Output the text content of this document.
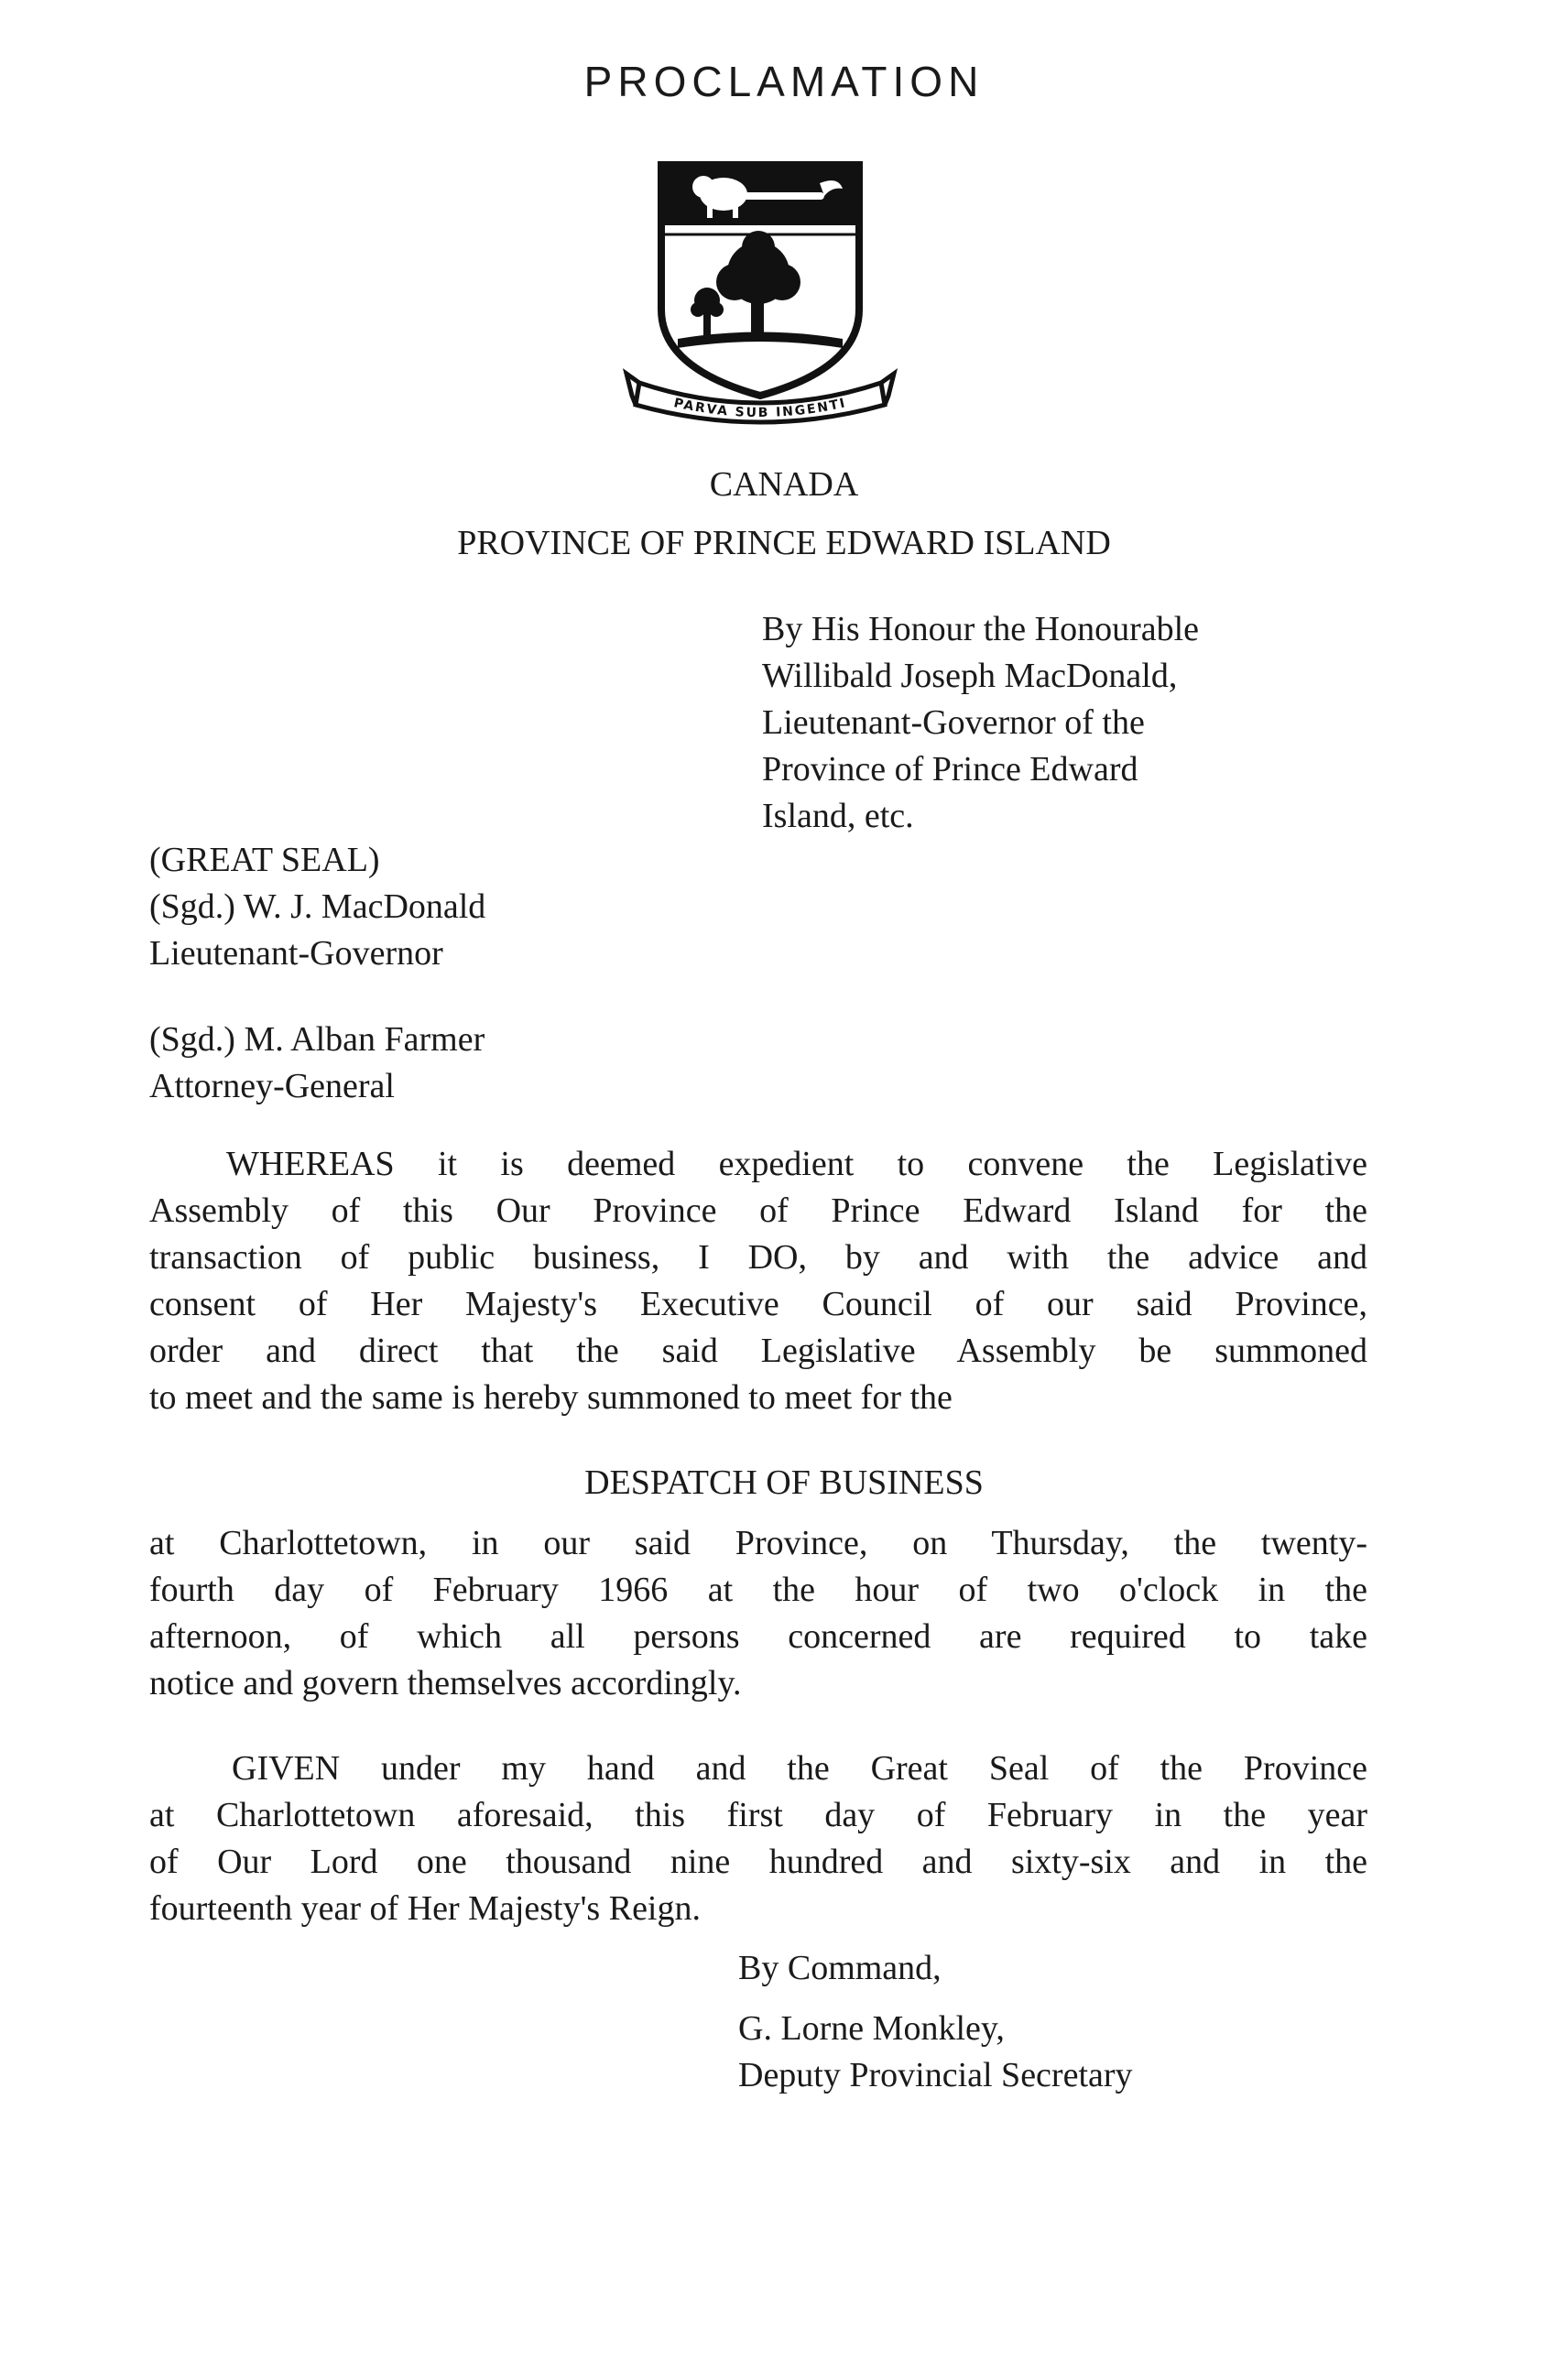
PROCLAMATION
PARVA SUB INGENTI
CANADA
PROVINCE OF PRINCE EDWARD ISLAND
By His Honour the Honourable
Willibald Joseph MacDonald,
Lieutenant-Governor of the
Province of Prince Edward
Island, etc.
(GREAT SEAL)
(Sgd.) W. J. MacDonald
Lieutenant-Governor
(Sgd.) M. Alban Farmer
Attorney-General
WHEREAS it is deemed expedient to convene the Legislative
Assembly of this Our Province of Prince Edward Island for the
transaction of public business, I DO, by and with the advice and
consent of Her Majesty's Executive Council of our said Province,
order and direct that the said Legislative Assembly be summoned
to meet and the same is hereby summoned to meet for the
DESPATCH OF BUSINESS
at Charlottetown, in our said Province, on Thursday, the twenty-
fourth day of February 1966 at the hour of two o'clock in the
afternoon, of which all persons concerned are required to take
notice and govern themselves accordingly.
GIVEN under my hand and the Great Seal of the Province
at Charlottetown aforesaid, this first day of February in the year
of Our Lord one thousand nine hundred and sixty-six and in the
fourteenth year of Her Majesty's Reign.
By Command,
G. Lorne Monkley,
Deputy Provincial Secretary
